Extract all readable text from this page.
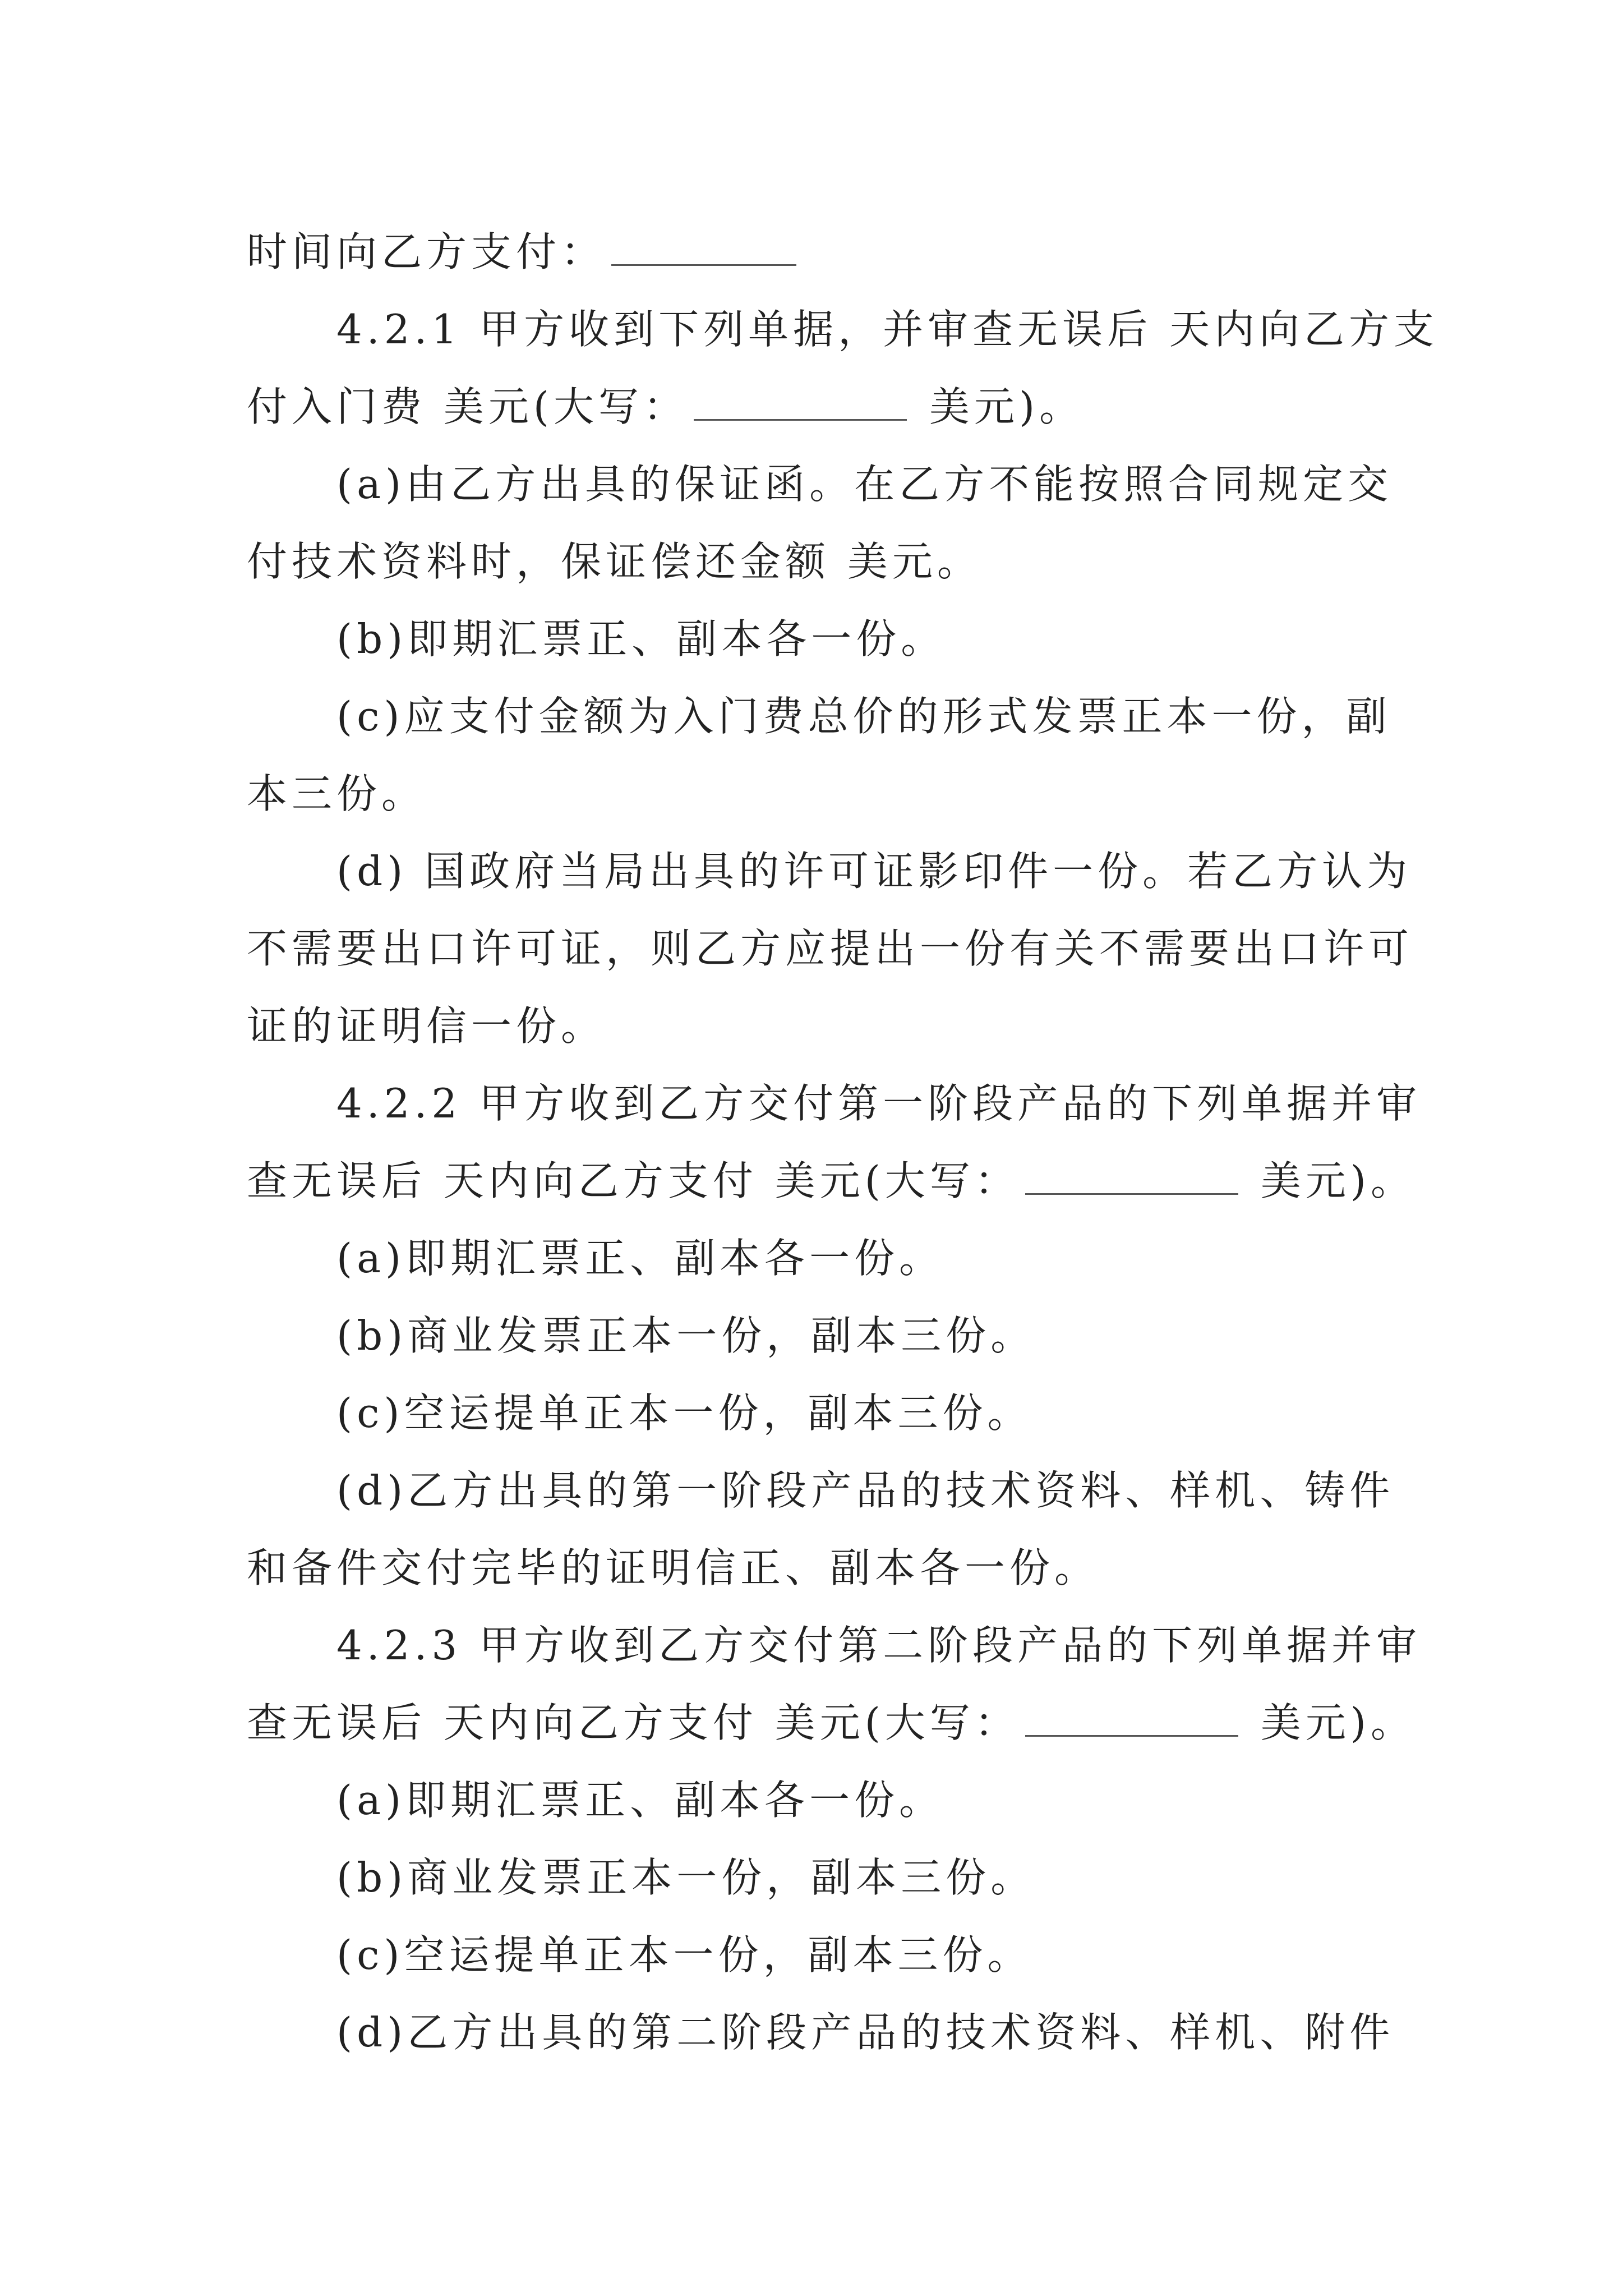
时间向乙方支付：
4.2.1 甲方收到下列单据，并审查无误后 天内向乙方支
付入门费 美元(大写：	美元)。
(a)由乙方出具的保证函。在乙方不能按照合同规定交
付技术资料时，保证偿还金额 美元。
(b)即期汇票正、副本各一份。
(c)应支付金额为入门费总价的形式发票正本一份，副
本三份。
(d) 国政府当局出具的许可证影印件一份。若乙方认为
不需要出口许可证，则乙方应提出一份有关不需要出口许可
证的证明信一份。
4.2.2 甲方收到乙方交付第一阶段产品的下列单据并审
查无误后 天内向乙方支付 美元(大写：	美元)。
(a)即期汇票正、副本各一份。
(b)商业发票正本一份，副本三份。
(c)空运提单正本一份，副本三份。
(d)乙方出具的第一阶段产品的技术资料、样机、铸件
和备件交付完毕的证明信正、副本各一份。
4.2.3 甲方收到乙方交付第二阶段产品的下列单据并审
查无误后 天内向乙方支付 美元(大写：	美元)。
(a)即期汇票正、副本各一份。
(b)商业发票正本一份，副本三份。
(c)空运提单正本一份，副本三份。
(d)乙方出具的第二阶段产品的技术资料、样机、附件
